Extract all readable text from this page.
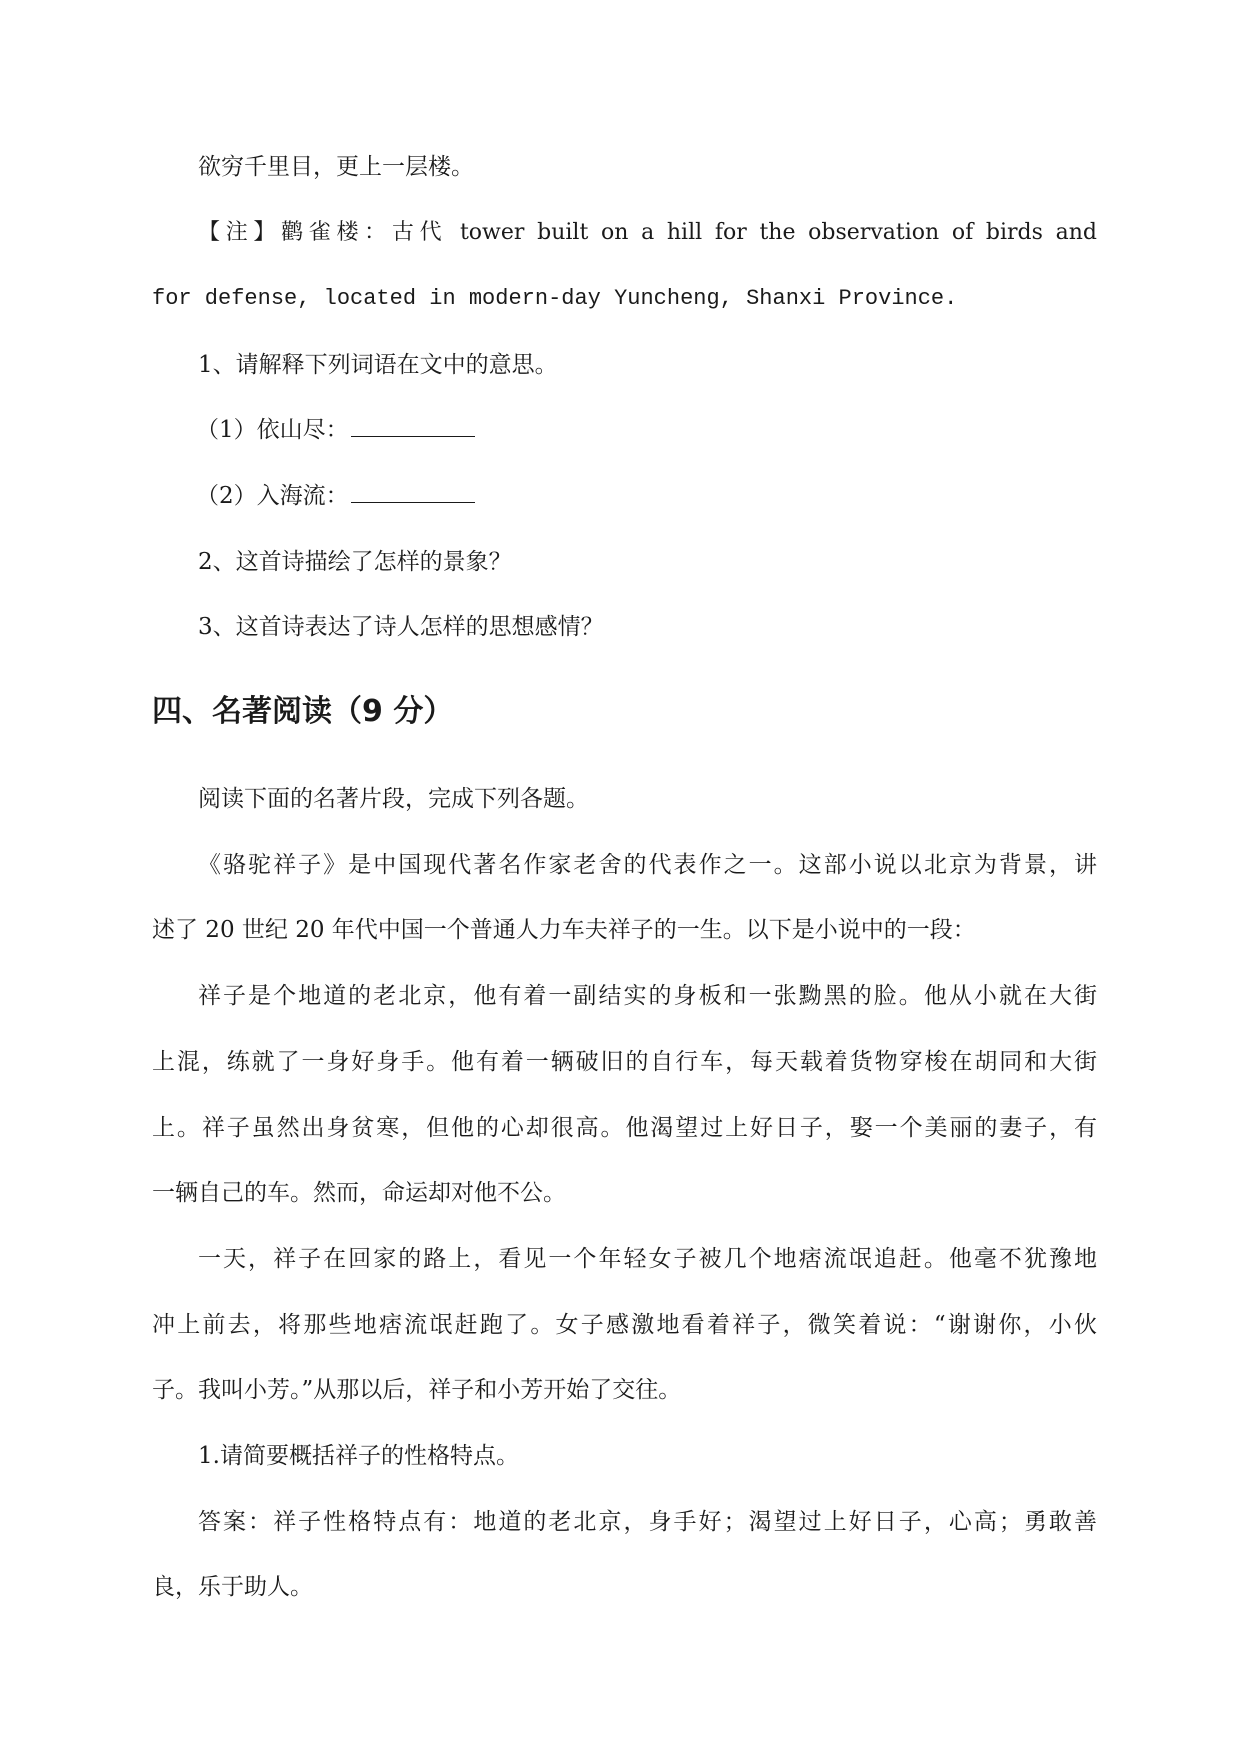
欲穷千里目，更上一层楼。
【注】鹳雀楼：古代 tower built on a hill for the observation of birds and
for defense, located in modern-day Yuncheng, Shanxi Province.
1、请解释下列词语在文中的意思。
（1）依山尽：
（2）入海流：
2、这首诗描绘了怎样的景象？
3、这首诗表达了诗人怎样的思想感情？
四、名著阅读（9 分）
阅读下面的名著片段，完成下列各题。
《骆驼祥子》是中国现代著名作家老舍的代表作之一。这部小说以北京为背景，讲
述了 20 世纪 20 年代中国一个普通人力车夫祥子的一生。以下是小说中的一段：
祥子是个地道的老北京，他有着一副结实的身板和一张黝黑的脸。他从小就在大街
上混，练就了一身好身手。他有着一辆破旧的自行车，每天载着货物穿梭在胡同和大街
上。祥子虽然出身贫寒，但他的心却很高。他渴望过上好日子，娶一个美丽的妻子，有
一辆自己的车。然而，命运却对他不公。
一天，祥子在回家的路上，看见一个年轻女子被几个地痞流氓追赶。他毫不犹豫地
冲上前去，将那些地痞流氓赶跑了。女子感激地看着祥子，微笑着说：“谢谢你，小伙
子。我叫小芳。”从那以后，祥子和小芳开始了交往。
1.请简要概括祥子的性格特点。
答案：祥子性格特点有：地道的老北京，身手好；渴望过上好日子，心高；勇敢善
良，乐于助人。
